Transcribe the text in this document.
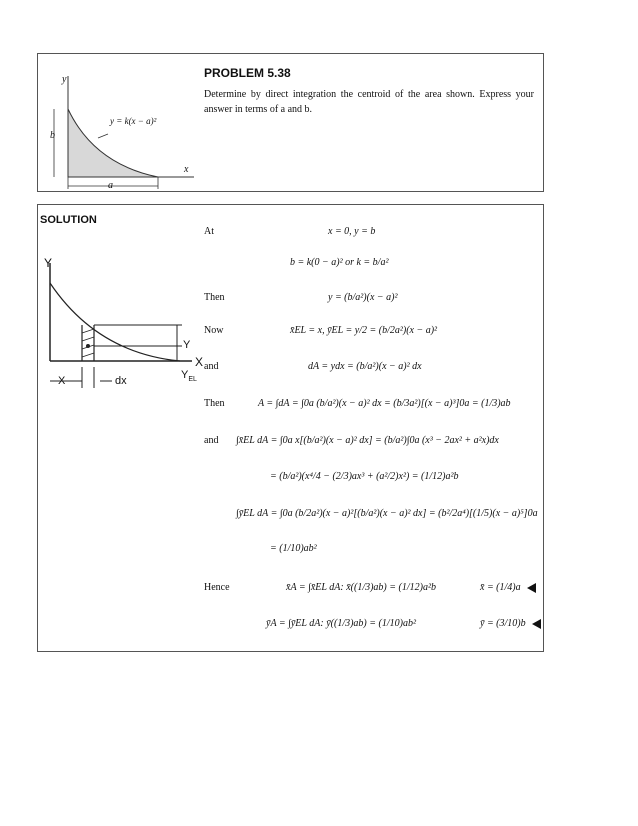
y
x
y = k(x − a)²
b
a
PROBLEM 5.38
Determine by direct integration the centroid of the area shown. Express your answer in terms of a and b.
SOLUTION
Y
X
Y
X	dx	$Y_{EL}$
At	x = 0, y = b
b = k(0 − a)² or k = b/a²
Then	y = (b/a²)(x − a)²
Now	x̄EL = x, ȳEL = y/2 = (b/2a²)(x − a)²
and	dA = ydx = (b/a²)(x − a)² dx
Then	A = ∫dA = ∫0a (b/a²)(x − a)² dx = (b/3a²)[(x − a)³]0a = (1/3)ab
and ∫x̄EL dA = ∫0a x[(b/a²)(x − a)² dx] = (b/a²)∫0a (x³ − 2ax² + a²x)dx
= (b/a²)(x⁴/4 − (2/3)ax³ + (a²/2)x²) = (1/12)a²b
∫ȳEL dA = ∫0a (b/2a²)(x − a)²[(b/a²)(x − a)² dx] = (b²/2a⁴)[(1/5)(x − a)⁵]0a
= (1/10)ab²
Hence	x̄A = ∫x̄EL dA: x̄((1/3)ab) = (1/12)a²b	x̄ = (1/4)a
ȳA = ∫ȳEL dA: ȳ((1/3)ab) = (1/10)ab²	ȳ = (3/10)b
